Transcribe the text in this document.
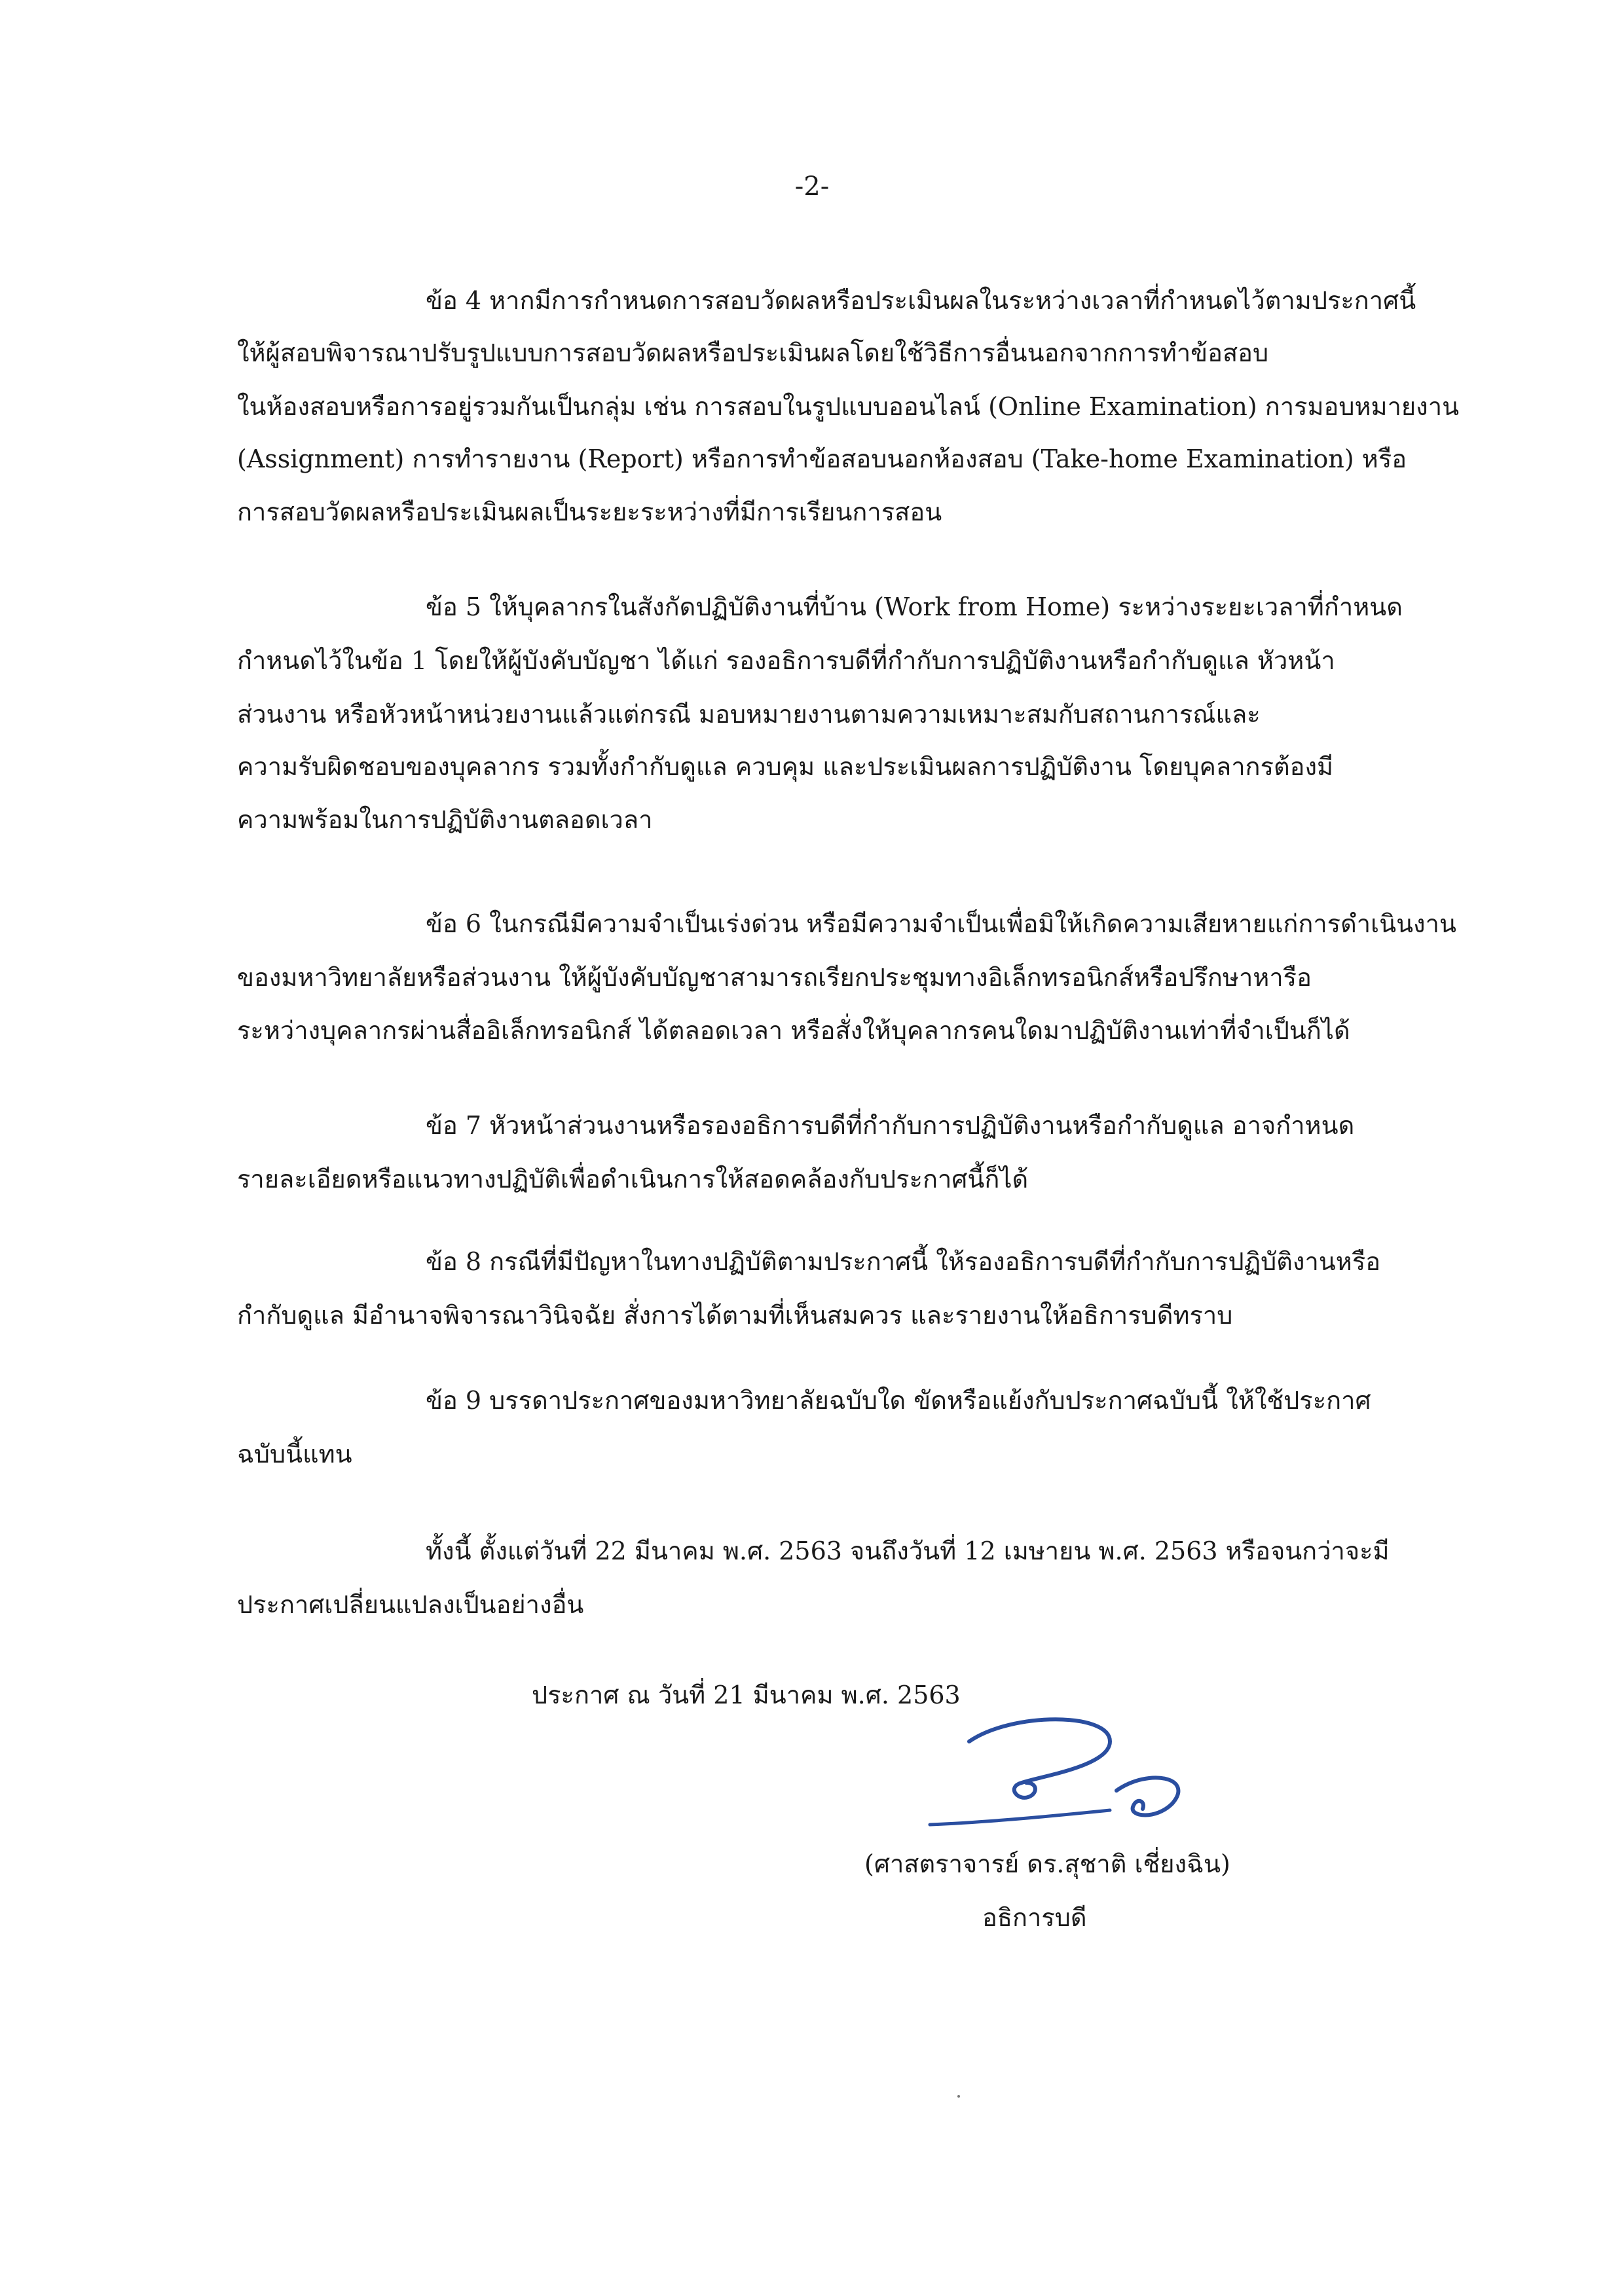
-2-
ข้อ 4 หากมีการกำหนดการสอบวัดผลหรือประเมินผลในระหว่างเวลาที่กำหนดไว้ตามประกาศนี้
ให้ผู้สอบพิจารณาปรับรูปแบบการสอบวัดผลหรือประเมินผลโดยใช้วิธีการอื่นนอกจากการทำข้อสอบ
ในห้องสอบหรือการอยู่รวมกันเป็นกลุ่ม เช่น การสอบในรูปแบบออนไลน์ (Online Examination) การมอบหมายงาน
(Assignment) การทำรายงาน (Report) หรือการทำข้อสอบนอกห้องสอบ (Take-home Examination) หรือ
การสอบวัดผลหรือประเมินผลเป็นระยะระหว่างที่มีการเรียนการสอน
ข้อ 5 ให้บุคลากรในสังกัดปฏิบัติงานที่บ้าน (Work from Home) ระหว่างระยะเวลาที่กำหนด
กำหนดไว้ในข้อ 1 โดยให้ผู้บังคับบัญชา ได้แก่ รองอธิการบดีที่กำกับการปฏิบัติงานหรือกำกับดูแล หัวหน้า
ส่วนงาน หรือหัวหน้าหน่วยงานแล้วแต่กรณี มอบหมายงานตามความเหมาะสมกับสถานการณ์และ
ความรับผิดชอบของบุคลากร รวมทั้งกำกับดูแล ควบคุม และประเมินผลการปฏิบัติงาน โดยบุคลากรต้องมี
ความพร้อมในการปฏิบัติงานตลอดเวลา
ข้อ 6 ในกรณีมีความจำเป็นเร่งด่วน หรือมีความจำเป็นเพื่อมิให้เกิดความเสียหายแก่การดำเนินงาน
ของมหาวิทยาลัยหรือส่วนงาน ให้ผู้บังคับบัญชาสามารถเรียกประชุมทางอิเล็กทรอนิกส์หรือปรึกษาหารือ
ระหว่างบุคลากรผ่านสื่ออิเล็กทรอนิกส์ ได้ตลอดเวลา หรือสั่งให้บุคลากรคนใดมาปฏิบัติงานเท่าที่จำเป็นก็ได้
ข้อ 7 หัวหน้าส่วนงานหรือรองอธิการบดีที่กำกับการปฏิบัติงานหรือกำกับดูแล อาจกำหนด
รายละเอียดหรือแนวทางปฏิบัติเพื่อดำเนินการให้สอดคล้องกับประกาศนี้ก็ได้
ข้อ 8 กรณีที่มีปัญหาในทางปฏิบัติตามประกาศนี้ ให้รองอธิการบดีที่กำกับการปฏิบัติงานหรือ
กำกับดูแล มีอำนาจพิจารณาวินิจฉัย สั่งการได้ตามที่เห็นสมควร และรายงานให้อธิการบดีทราบ
ข้อ 9 บรรดาประกาศของมหาวิทยาลัยฉบับใด ขัดหรือแย้งกับประกาศฉบับนี้ ให้ใช้ประกาศ
ฉบับนี้แทน
ทั้งนี้ ตั้งแต่วันที่ 22 มีนาคม พ.ศ. 2563 จนถึงวันที่ 12 เมษายน พ.ศ. 2563 หรือจนกว่าจะมี
ประกาศเปลี่ยนแปลงเป็นอย่างอื่น
ประกาศ ณ วันที่ 21 มีนาคม พ.ศ. 2563
(ศาสตราจารย์ ดร.สุชาติ เชี่ยงฉิน)
อธิการบดี
